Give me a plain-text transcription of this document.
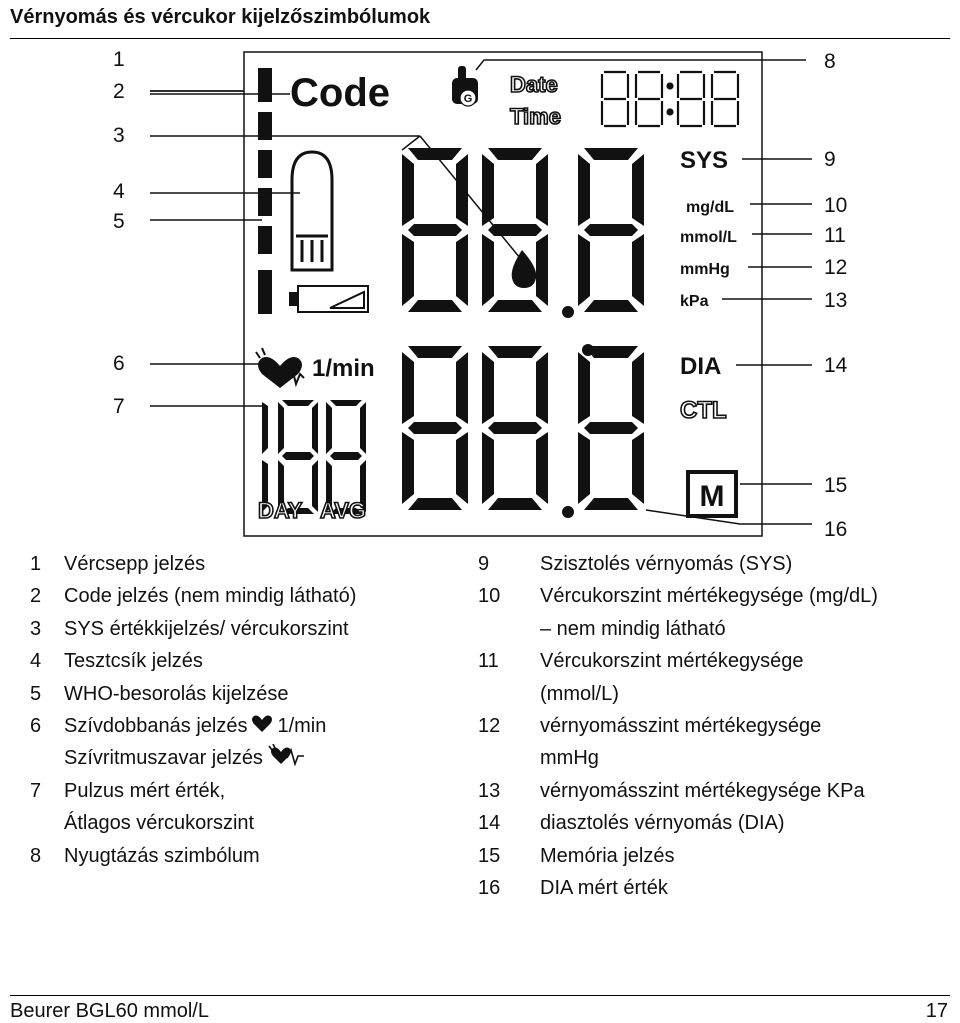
Vérnyomás és vércukor kijelzőszimbólumok
Code	G
Date
Time
SYS
mg/dL
mmol/L
mmHg
kPa
1/min
DAY AVG
DIA
CTL
M
1
2
3
4
5
6
7
8
9
10
11
12
13
14
15
16
1	Vércsepp jelzés
2	Code jelzés (nem mindig látható)
3	SYS értékkijelzés/ vércukorszint
4	Tesztcsík jelzés
5	WHO-besorolás kijelzése
6	Szívdobbanás jelzés 1/min
Szívritmuszavar jelzés
7	Pulzus mért érték,
Átlagos vércukorszint
8	Nyugtázás szimbólum
9	Szisztolés vérnyomás (SYS)
10	Vércukorszint mértékegysége (mg/dL)
– nem mindig látható
11	Vércukorszint mértékegysége
(mmol/L)
12	vérnyomásszint mértékegysége
mmHg
13	vérnyomásszint mértékegysége KPa
14	diasztolés vérnyomás (DIA)
15	Memória jelzés
16	DIA mért érték
Beurer BGL60 mmol/L	17
